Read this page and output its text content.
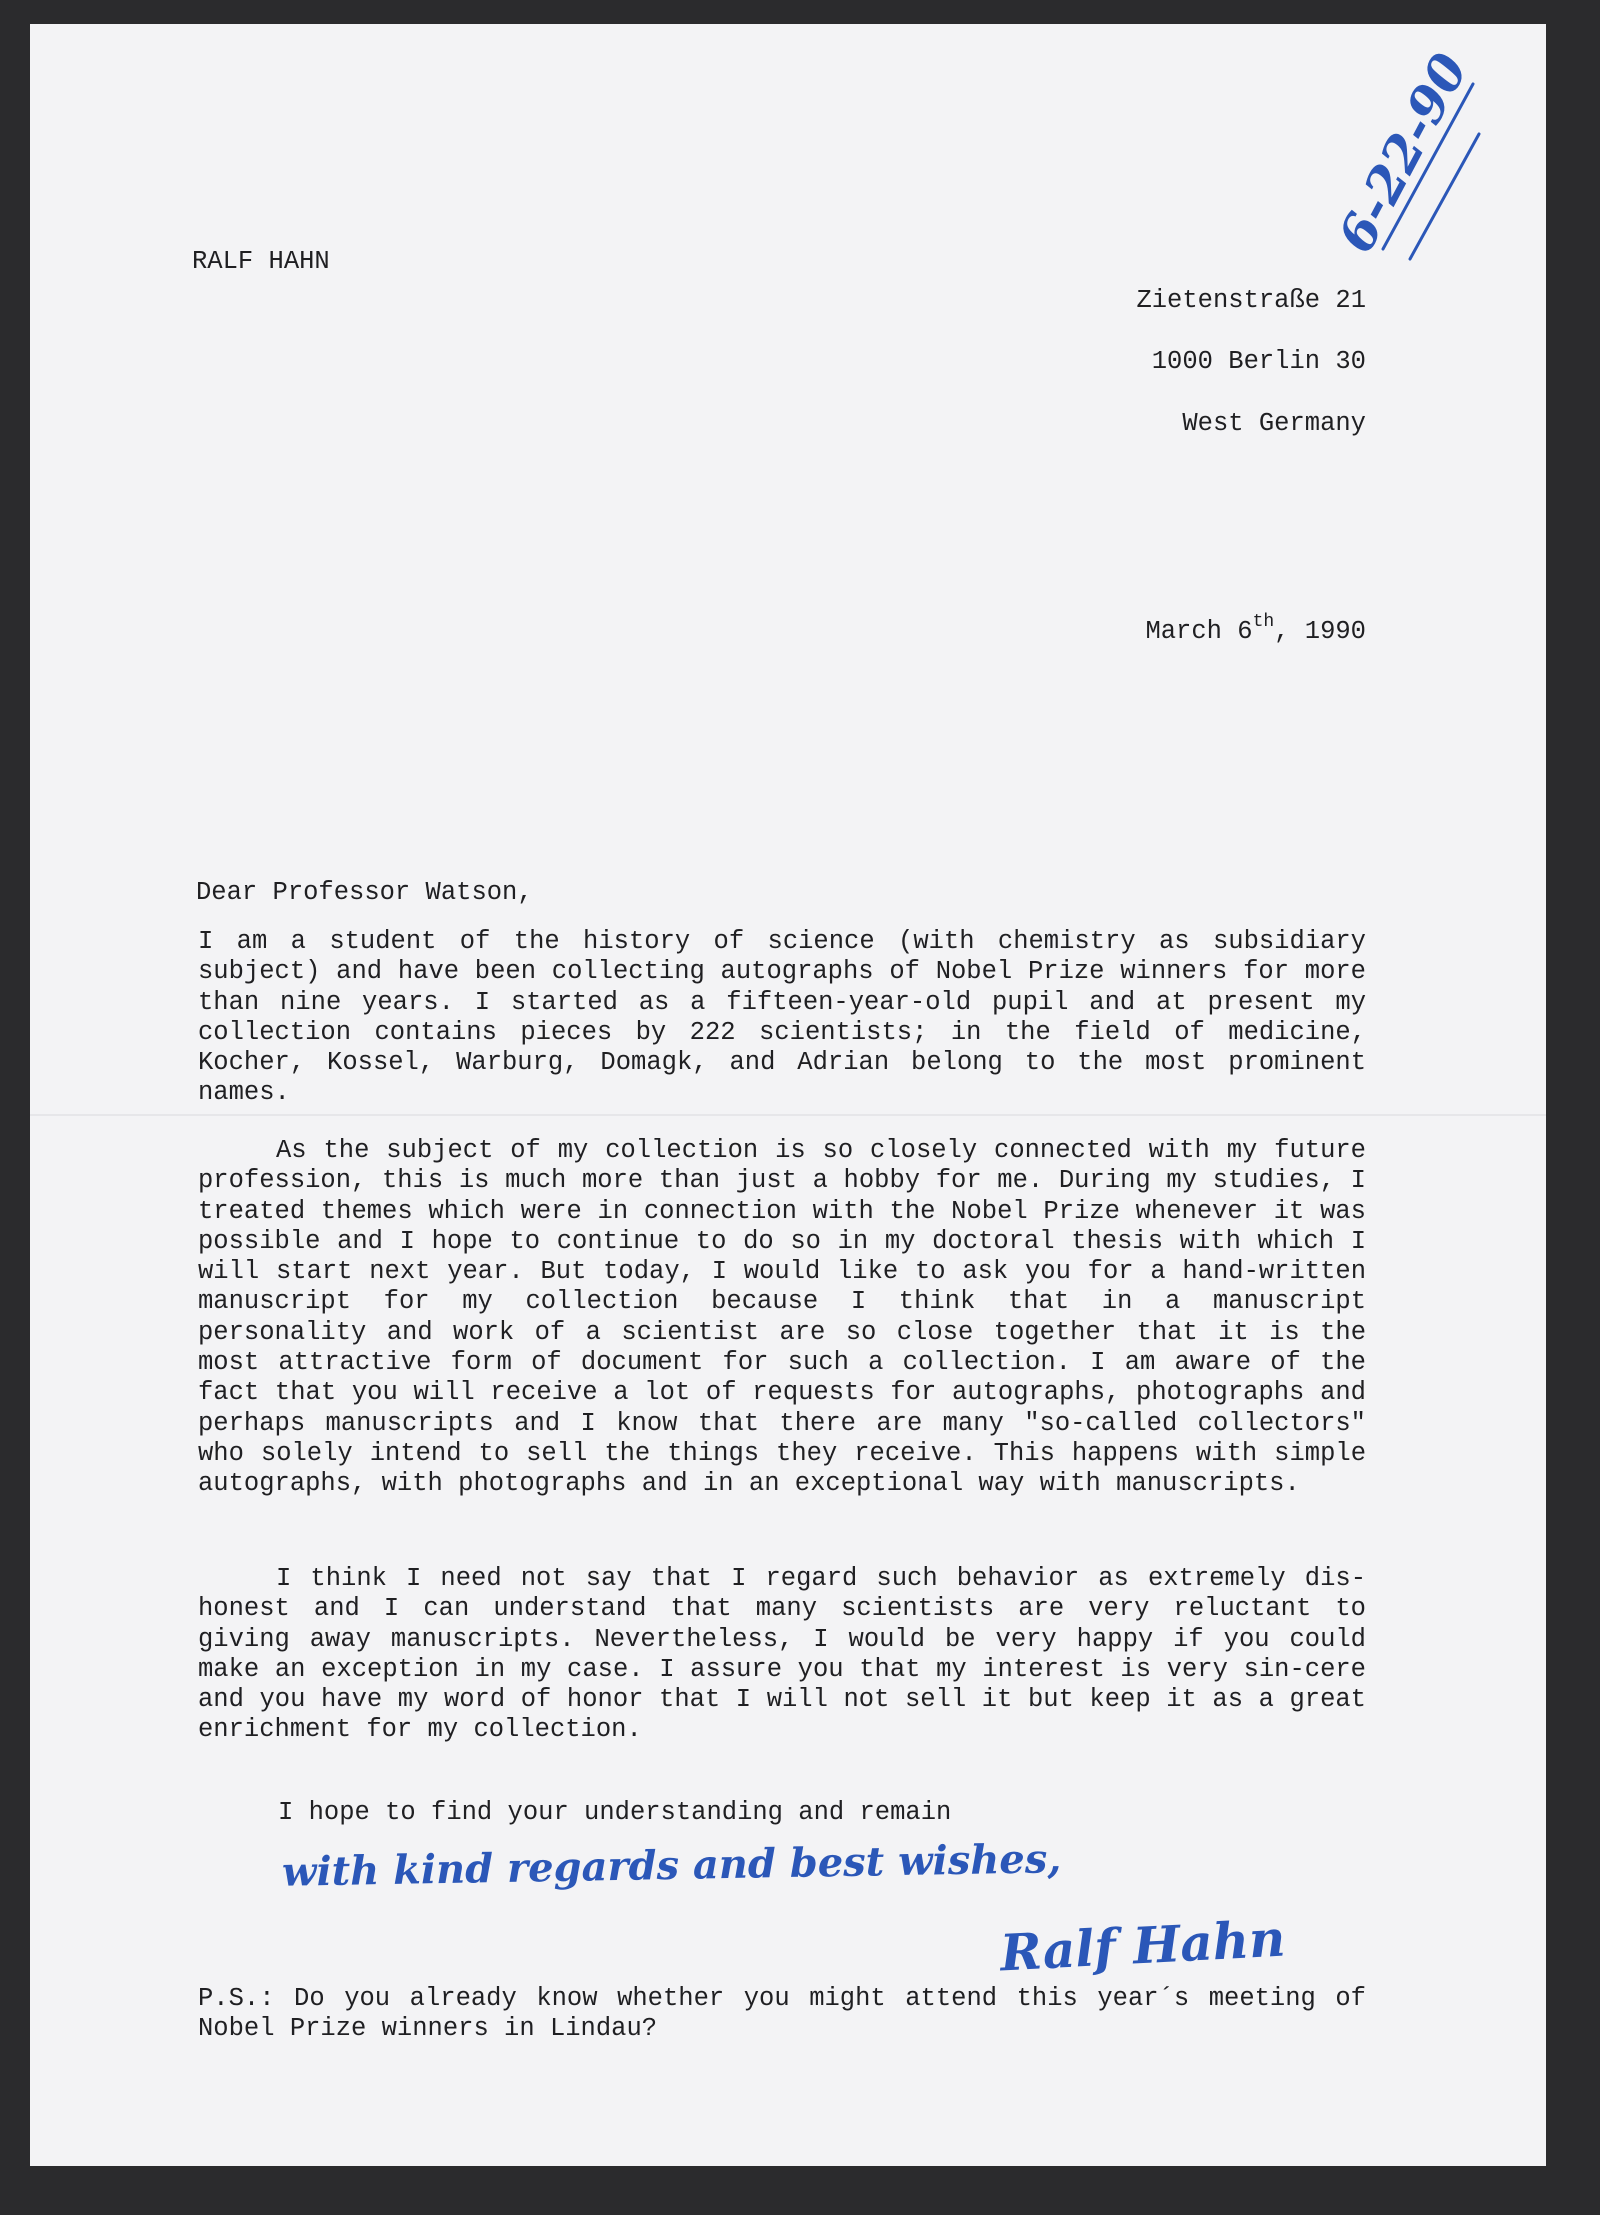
6-22-90
RALF HAHN
Zietenstraße 21
1000 Berlin 30
West Germany
March 6th, 1990
Dear Professor Watson,

I am a student of the history of science (with chemistry as subsidiary subject) and have been collecting autographs of Nobel Prize winners for more than nine years. I started as a fifteen-year-old pupil and at present my collection contains pieces by 222 scientists; in the field of medicine, Kocher, Kossel, Warburg, Domagk, and Adrian belong to the most prominent names.

As the subject of my collection is so closely connected with my future profession, this is much more than just a hobby for me. During my studies, I treated themes which were in connection with the Nobel Prize whenever it was possible and I hope to continue to do so in my doctoral thesis with which I will start next year. But today, I would like to ask you for a hand-written manuscript for my collection because I think that in a manuscript personality and work of a scientist are so close together that it is the most attractive form of document for such a collection. I am aware of the fact that you will receive a lot of requests for autographs, photographs and perhaps manuscripts and I know that there are many "so-called collectors" who solely intend to sell the things they receive. This happens with simple autographs, with photographs and in an exceptional way with manuscripts.

I think I need not say that I regard such behavior as extremely dis-honest and I can understand that many scientists are very reluctant to giving away manuscripts. Nevertheless, I would be very happy if you could make an exception in my case. I assure you that my interest is very sin-cere and you have my word of honor that I will not sell it but keep it as a great enrichment for my collection.

I hope to find your understanding and remain
with kind regards and best wishes,
Ralf Hahn

P.S.: Do you already know whether you might attend this year´s meeting of Nobel Prize winners in Lindau?
